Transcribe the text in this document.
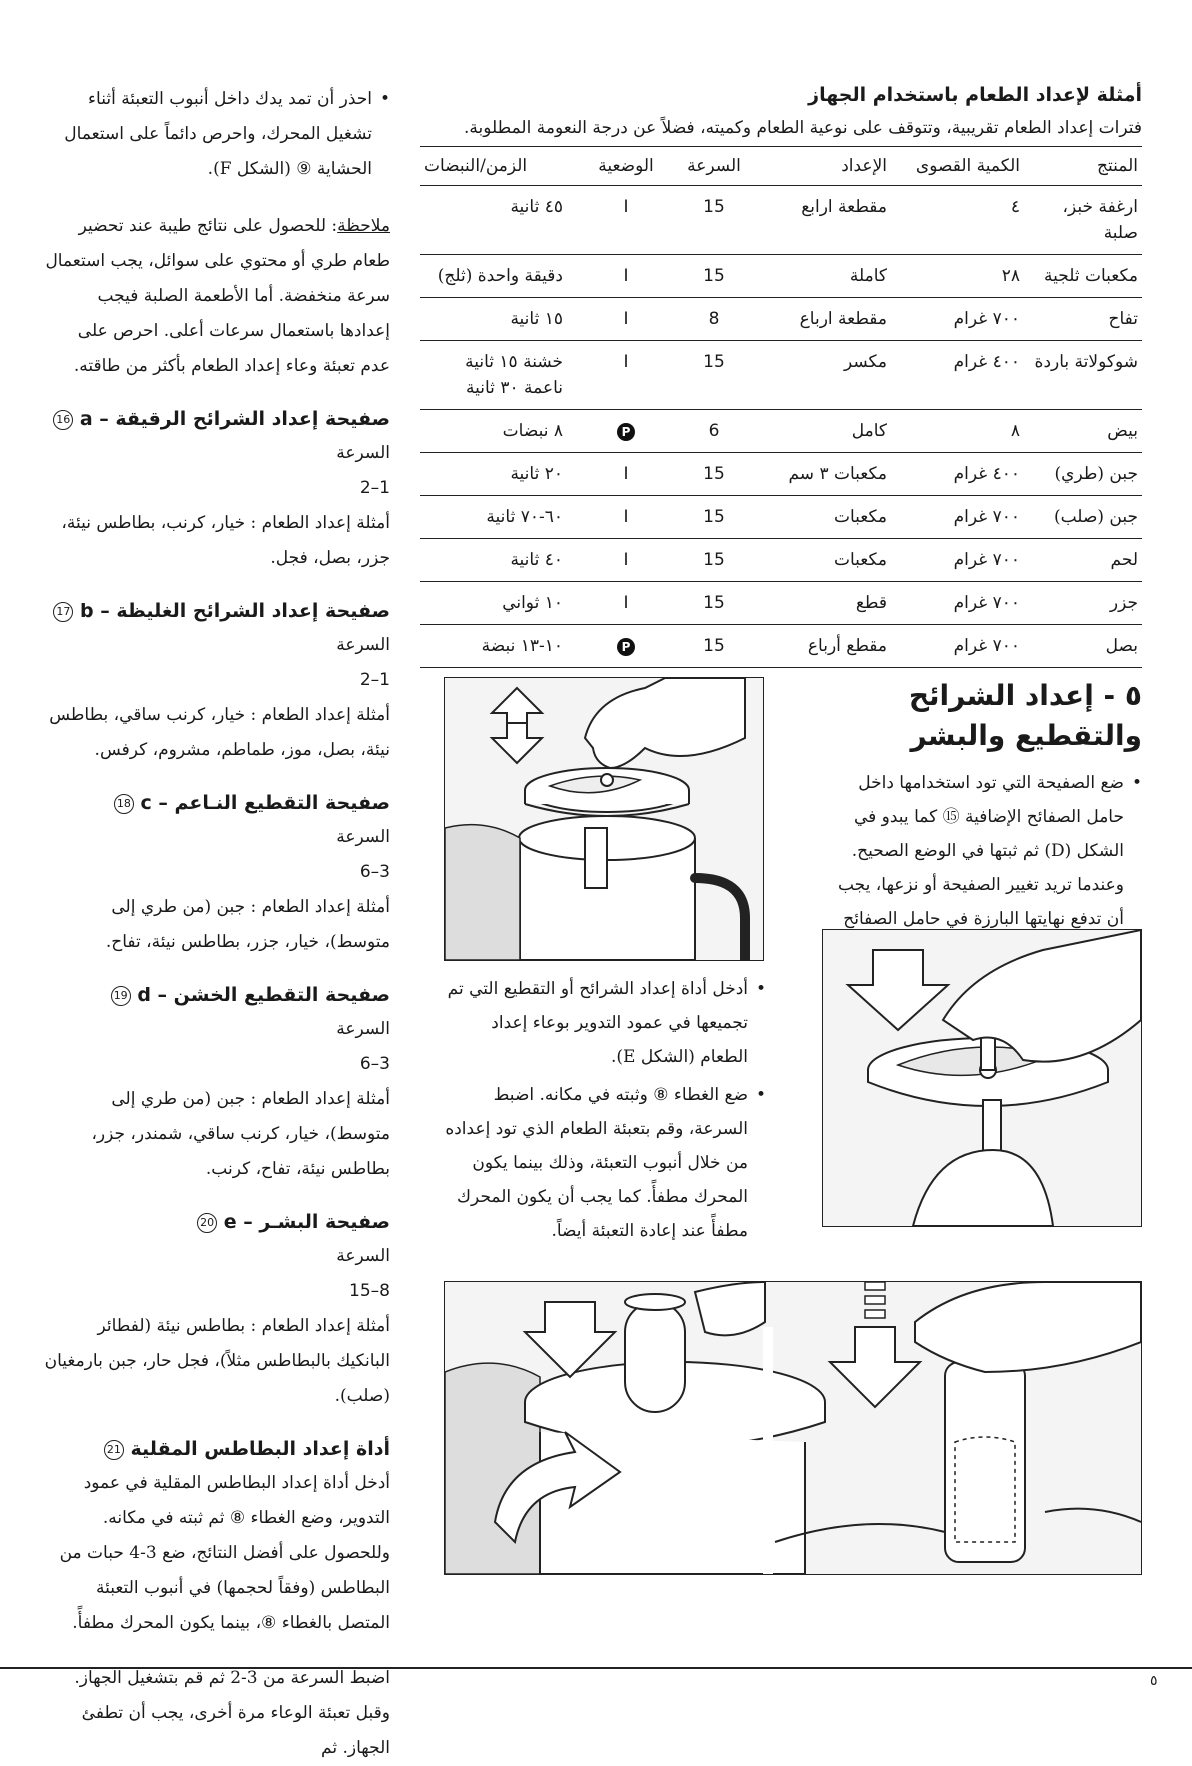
أمثلة لإعداد الطعام باستخدام الجهاز

فترات إعداد الطعام تقريبية، وتتوقف على نوعية الطعام وكميته، فضلاً عن درجة النعومة المطلوبة.

المنتج	الكمية القصوى	الإعداد	السرعة	الوضعية	الزمن/النبضات
ارغفة خبز، صلبة	٤	مقطعة ارابع	15	I	٤٥ ثانية

مكعبات ثلجية	٢٨	كاملة	15	I	دقيقة واحدة (ثلج)

تفاح	٧٠٠ غرام	مقطعة ارباع	8	I	١٥ ثانية

شوكولاتة باردة	٤٠٠ غرام	مكسر	15	I	خشنة ١٥ ثانية
ناعمة ٣٠ ثانية

بيض	٨	كامل	6	P	٨ نبضات

جبن (طري)	٤٠٠ غرام	مكعبات ٣ سم	15	I	٢٠ ثانية

جبن (صلب)	٧٠٠ غرام	مكعبات	15	I	٦٠-٧٠ ثانية

لحم	٧٠٠ غرام	مكعبات	15	I	٤٠ ثانية

جزر	٧٠٠ غرام	قطع	15	I	١٠ ثواني

بصل	٧٠٠ غرام	مقطع أرباع	15	P	١٠-١٣ نبضة
٥ - إعداد الشرائح والتقطيع والبشر

• ضع الصفيحة التي تود استخدامها داخل حامل الصفائح الإضافية ⑮ كما يبدو في الشكل (D) ثم ثبتها في الوضع الصحيح. وعندما تريد تغيير الصفيحة أو نزعها، يجب أن تدفع نهايتها البارزة في حامل الصفائح

• أدخل أداة إعداد الشرائح أو التقطيع التي تم تجميعها في عمود التدوير بوعاء إعداد الطعام (الشكل E).

• ضع الغطاء ⑧ وثبته في مكانه. اضبط السرعة، وقم بتعبئة الطعام الذي تود إعداده من خلال أنبوب التعبئة، وذلك بينما يكون المحرك مطفأً. كما يجب أن يكون المحرك مطفأً عند إعادة التعبئة أيضاً.

• احذر أن تمد يدك داخل أنبوب التعبئة أثناء تشغيل المحرك، واحرص دائماً على استعمال الحشاية ⑨ (الشكل F).

ملاحظة: للحصول على نتائج طيبة عند تحضير طعام طري أو محتوي على سوائل، يجب استعمال سرعة منخفضة. أما الأطعمة الصلبة فيجب إعدادها باستعمال سرعات أعلى. احرص على عدم تعبئة وعاء إعداد الطعام بأكثر من طاقته.

صفيحة إعداد الشرائح الرقيقة – a 16

السرعة

1–2

أمثلة إعداد الطعام : خيار، كرنب، بطاطس نيئة، جزر، بصل، فجل.

صفيحة إعداد الشرائح الغليظة – b 17

السرعة

1–2

أمثلة إعداد الطعام : خيار، كرنب ساقي، بطاطس نيئة، بصل، موز، طماطم، مشروم، كرفس.

صفيحة التقطيع النـاعم – c 18

السرعة

3–6

أمثلة إعداد الطعام : جبن (من طري إلى متوسط)، خيار، جزر، بطاطس نيئة، تفاح.

صفيحة التقطيع الخشن – d 19

السرعة

3–6

أمثلة إعداد الطعام : جبن (من طري إلى متوسط)، خيار، كرنب ساقي، شمندر، جزر، بطاطس نيئة، تفاح، كرنب.

صفيحة البشـر – e 20

السرعة

8–15

أمثلة إعداد الطعام : بطاطس نيئة (لفطائر البانكيك بالبطاطس مثلاً)، فجل حار، جبن بارمغيان (صلب).

أداة إعداد البطاطس المقلية 21

أدخل أداة إعداد البطاطس المقلية في عمود التدوير، وضع الغطاء ⑧ ثم ثبته في مكانه. وللحصول على أفضل النتائج، ضع 3-4 حبات من البطاطس (وفقاً لحجمها) في أنبوب التعبئة المتصل بالغطاء ⑧، بينما يكون المحرك مطفأً.

اضبط السرعة من 3-2 ثم قم بتشغيل الجهاز. وقبل تعبئة الوعاء مرة أخرى، يجب أن تطفئ الجهاز. ثم

٥
